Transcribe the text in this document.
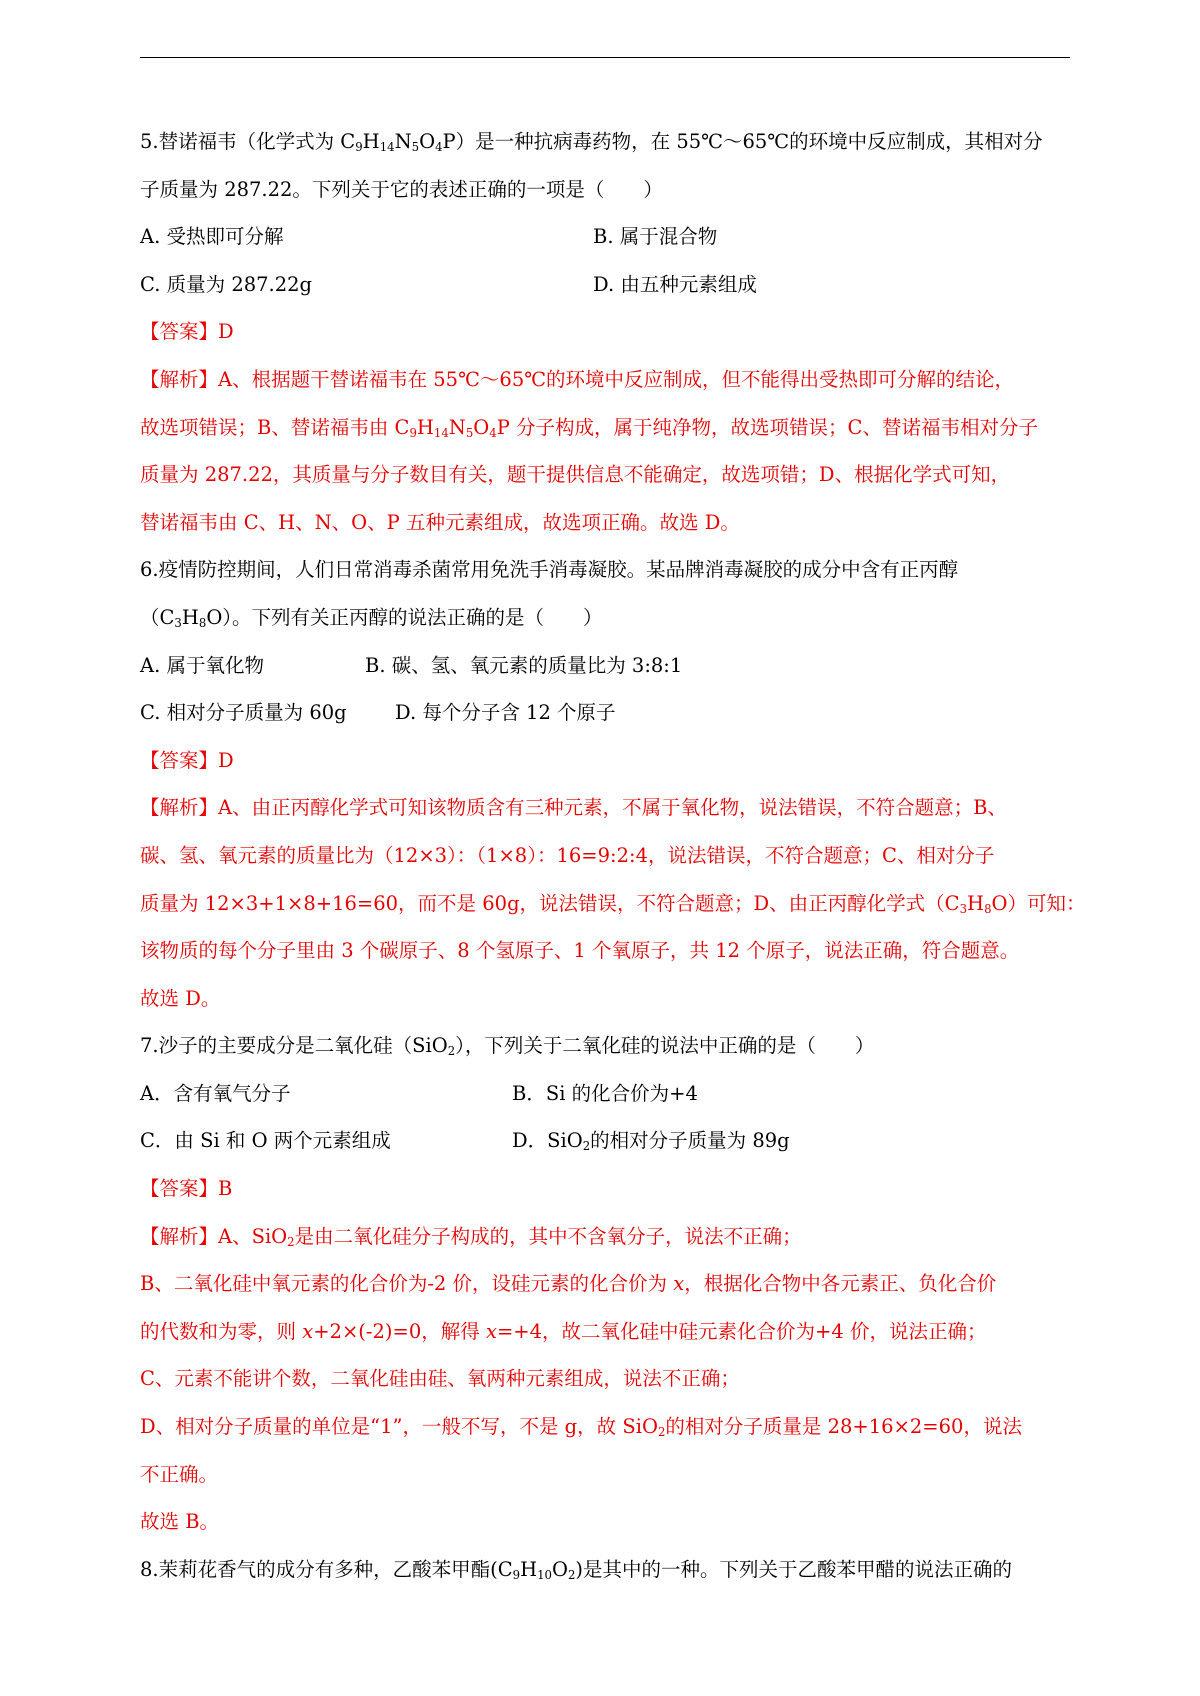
5.替诺福韦（化学式为 $C_9H_{14}N_5O_4P$）是一种抗病毒药物，在 55℃～65℃的环境中反应制成，其相对分
子质量为 287.22。下列关于它的表述正确的一项是（　　）
A. 受热即可分解	B. 属于混合物
C. 质量为 287.22g	D. 由五种元素组成
【答案】D
【解析】A、根据题干替诺福韦在 55℃～65℃的环境中反应制成，但不能得出受热即可分解的结论，
故选项错误；B、替诺福韦由 $C_9H_{14}N_5O_4P$ 分子构成，属于纯净物，故选项错误；C、替诺福韦相对分子
质量为 287.22，其质量与分子数目有关，题干提供信息不能确定，故选项错；D、根据化学式可知，
替诺福韦由 C、H、N、O、P 五种元素组成，故选项正确。故选 D。
6.疫情防控期间，人们日常消毒杀菌常用免洗手消毒凝胶。某品牌消毒凝胶的成分中含有正丙醇
$(C_3H_8O)$。下列有关正丙醇的说法正确的是（　　）
A. 属于氧化物	B. 碳、氢、氧元素的质量比为 3:8:1
C. 相对分子质量为 60g D. 每个分子含 12 个原子
【答案】D
【解析】A、由正丙醇化学式可知该物质含有三种元素，不属于氧化物，说法错误，不符合题意；B、
碳、氢、氧元素的质量比为（12×3）：（1×8）：16=9:2:4，说法错误，不符合题意；C、相对分子
质量为 12×3+1×8+16=60，而不是 60g，说法错误，不符合题意；D、由正丙醇化学式$(C_3H_8O)$可知：
该物质的每个分子里由 3 个碳原子、8 个氢原子、1 个氧原子，共 12 个原子，说法正确，符合题意。
故选 D。
7.沙子的主要成分是二氧化硅（SiO$_2$），下列关于二氧化硅的说法中正确的是（　　）
A．含有氧气分子	B．Si 的化合价为+4
C．由 Si 和 O 两个元素组成	D．SiO$_2$的相对分子质量为 89g
【答案】B
【解析】A、SiO$_2$是由二氧化硅分子构成的，其中不含氧分子，说法不正确；
B、二氧化硅中氧元素的化合价为-2 价，设硅元素的化合价为 x，根据化合物中各元素正、负化合价
的代数和为零，则 x+2×(-2)=0，解得 x=+4，故二氧化硅中硅元素化合价为+4 价，说法正确；
C、元素不能讲个数，二氧化硅由硅、氧两种元素组成，说法不正确；
D、相对分子质量的单位是“1”，一般不写，不是 g，故 SiO$_2$的相对分子质量是 28+16×2=60，说法
不正确。
故选 B。
8.茉莉花香气的成分有多种，乙酸苯甲酯$(C_9H_{10}O_2)$是其中的一种。下列关于乙酸苯甲醋的说法正确的
